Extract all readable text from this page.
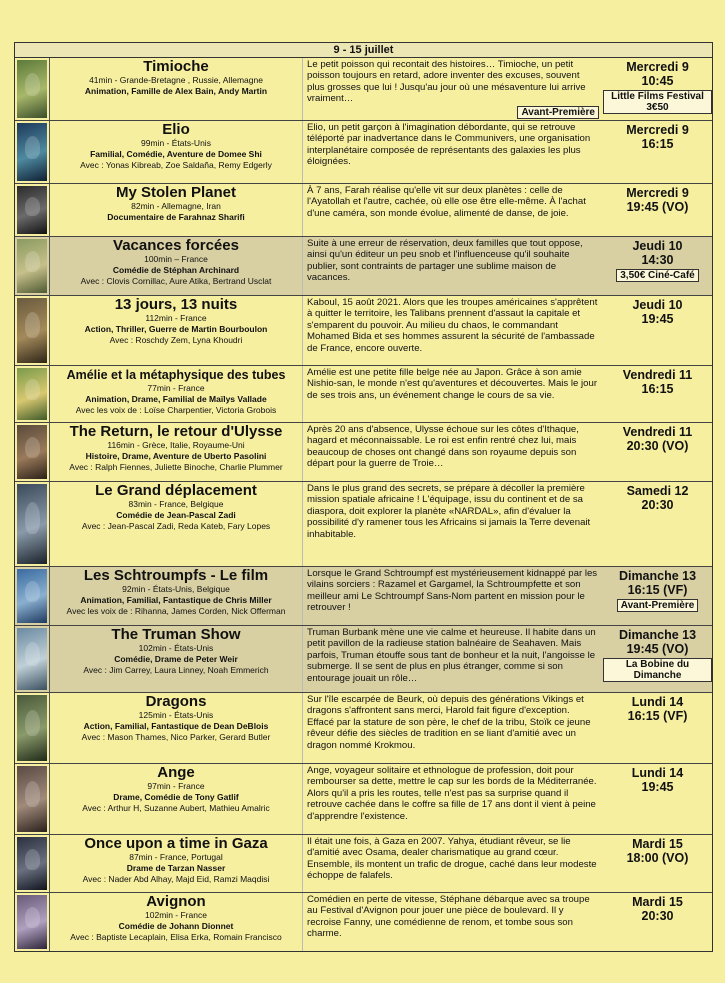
9 - 15 juillet
Timioche
41min - Grande-Bretagne , Russie, Allemagne
Animation, Famille de Alex Bain, Andy Martin
Le petit poisson qui recontait des histoires… Timioche, un petit poisson toujours en retard, adore inventer des excuses, souvent plus grosses que lui ! Jusqu'au jour où une mésaventure lui arrive vraiment…
Avant-Première
Mercredi 9
10:45
Little Films Festival 3€50
Elio
99min - États-Unis
Familial, Comédie, Aventure de Domee Shi
Avec : Yonas Kibreab, Zoe Saldaña, Remy Edgerly
Elio, un petit garçon à l'imagination débordante, qui se retrouve téléporté par inadvertance dans le Communivers, une organisation interplanétaire composée de représentants des galaxies les plus éloignées.
Mercredi 9
16:15
My Stolen Planet
82min - Allemagne, Iran
Documentaire de Farahnaz Sharifi
À 7 ans, Farah réalise qu'elle vit sur deux planètes : celle de l'Ayatollah et l'autre, cachée, où elle ose être elle-même. À l'achat d'une caméra, son monde évolue, alimenté de danse, de joie.
Mercredi 9
19:45 (VO)
Vacances forcées
100min – France
Comédie de Stéphan Archinard
Avec : Clovis Cornillac, Aure Atika, Bertrand Usclat
Suite à une erreur de réservation, deux familles que tout oppose, ainsi qu'un éditeur un peu snob et l'influenceuse qu'il souhaite publier, sont contraints de partager une sublime maison de vacances.
Jeudi 10
14:30
3,50€ Ciné-Café
13 jours, 13 nuits
112min - France
Action, Thriller, Guerre de Martin Bourboulon
Avec : Roschdy Zem, Lyna Khoudri
Kaboul, 15 août 2021. Alors que les troupes américaines s'apprêtent à quitter le territoire, les Talibans prennent d'assaut la capitale et s'emparent du pouvoir. Au milieu du chaos, le commandant Mohamed Bida et ses hommes assurent la sécurité de l'ambassade de France, encore ouverte.
Jeudi 10
19:45
Amélie et la métaphysique des tubes
77min - France
Animation, Drame, Familial de Maïlys Vallade
Avec les voix de : Loïse Charpentier, Victoria Grobois
Amélie est une petite fille belge née au Japon. Grâce à son amie Nishio-san, le monde n'est qu'aventures et découvertes. Mais le jour de ses trois ans, un événement change le cours de sa vie.
Vendredi 11
16:15
The Return, le retour d'Ulysse
116min - Grèce, Italie, Royaume-Uni
Histoire, Drame, Aventure de Uberto Pasolini
Avec : Ralph Fiennes, Juliette Binoche, Charlie Plummer
Après 20 ans d'absence, Ulysse échoue sur les côtes d'Ithaque, hagard et méconnaissable. Le roi est enfin rentré chez lui, mais beaucoup de choses ont changé dans son royaume depuis son départ pour la guerre de Troie…
Vendredi 11
20:30 (VO)
Le Grand déplacement
83min - France, Belgique
Comédie de Jean-Pascal Zadi
Avec : Jean-Pascal Zadi, Reda Kateb, Fary Lopes
Dans le plus grand des secrets, se prépare à décoller la première mission spatiale africaine ! L'équipage, issu du continent et de sa diaspora, doit explorer la planète «NARDAL», afin d'évaluer la possibilité d'y ramener tous les Africains si jamais la Terre devenait inhabitable.
Samedi 12
20:30
Les Schtroumpfs - Le film
92min - États-Unis, Belgique
Animation, Familial, Fantastique de Chris Miller
Avec les voix de : Rihanna, James Corden, Nick Offerman
Lorsque le Grand Schtroumpf est mystérieusement kidnappé par les vilains sorciers : Razamel et Gargamel, la Schtroumpfette et son meilleur ami Le Schtroumpf Sans-Nom partent en mission pour le retrouver !
Dimanche 13
16:15 (VF)
Avant-Première
The Truman Show
102min - États-Unis
Comédie, Drame de Peter Weir
Avec : Jim Carrey, Laura Linney, Noah Emmerich
Truman Burbank mène une vie calme et heureuse. Il habite dans un petit pavillon de la radieuse station balnéaire de Seahaven. Mais parfois, Truman étouffe sous tant de bonheur et la nuit, l'angoisse le submerge. Il se sent de plus en plus étranger, comme si son entourage jouait un rôle…
Dimanche 13
19:45 (VO)
La Bobine du Dimanche
Dragons
125min - États-Unis
Action, Familial, Fantastique de Dean DeBlois
Avec : Mason Thames, Nico Parker, Gerard Butler
Sur l'île escarpée de Beurk, où depuis des générations Vikings et dragons s'affrontent sans merci, Harold fait figure d'exception. Effacé par la stature de son père, le chef de la tribu, Stoïk ce jeune rêveur défie des siècles de tradition en se liant d'amitié avec un dragon nommé Krokmou.
Lundi 14
16:15 (VF)
Ange
97min - France
Drame, Comédie de Tony Gatlif
Avec : Arthur H, Suzanne Aubert, Mathieu Amalric
Ange, voyageur solitaire et ethnologue de profession, doit pour rembourser sa dette, mettre le cap sur les bords de la Méditerranée. Alors qu'il a pris les routes, telle n'est pas sa surprise quand il retrouve cachée dans le coffre sa fille de 17 ans dont il vient à peine d'apprendre l'existence.
Lundi 14
19:45
Once upon a time in Gaza
87min - France, Portugal
Drame de Tarzan Nasser
Avec : Nader Abd Alhay, Majd Eid, Ramzi Maqdisi
Il était une fois, à Gaza en 2007. Yahya, étudiant rêveur, se lie d'amitié avec Osama, dealer charismatique au grand cœur. Ensemble, ils montent un trafic de drogue, caché dans leur modeste échoppe de falafels.
Mardi 15
18:00 (VO)
Avignon
102min - France
Comédie de Johann Dionnet
Avec : Baptiste Lecaplain, Elisa Erka, Romain Francisco
Comédien en perte de vitesse, Stéphane débarque avec sa troupe au Festival d'Avignon pour jouer une pièce de boulevard. Il y recroise Fanny, une comédienne de renom, et tombe sous son charme.
Mardi 15
20:30
